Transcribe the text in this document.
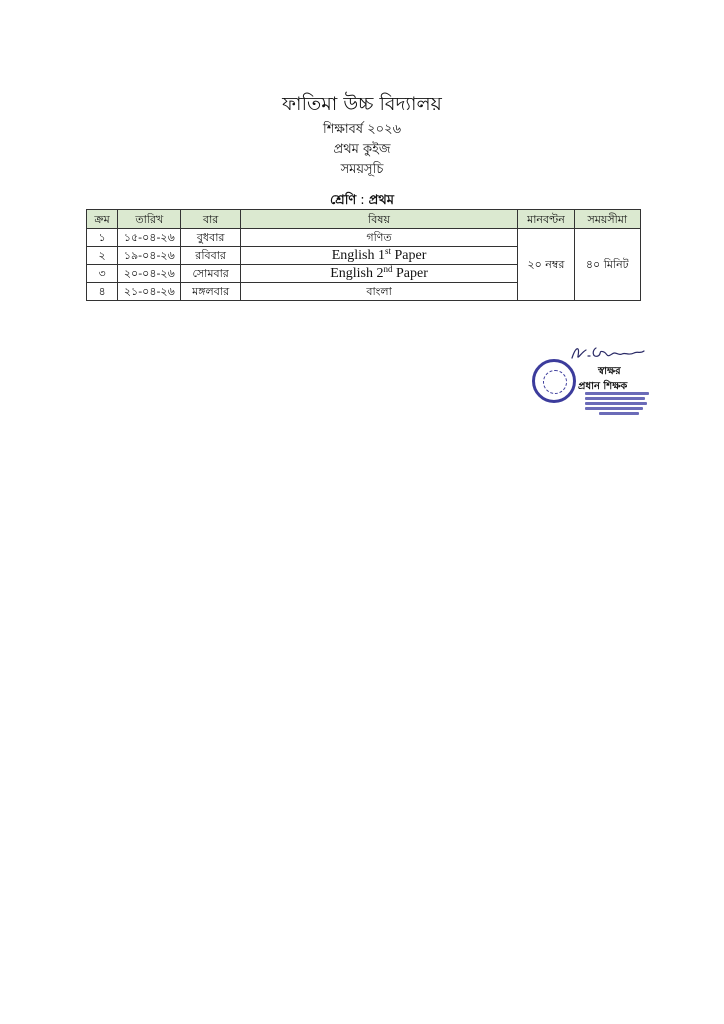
ফাতিমা উচ্চ বিদ্যালয়
শিক্ষাবর্ষ ২০২৬
প্রথম কুইজ
সময়সূচি
শ্রেণি : প্রথম
ক্রম	তারিখ	বার	বিষয়	মানবণ্টন	সময়সীমা
১	১৫-০৪-২৬	বুধবার	গণিত	২০ নম্বর	৪০ মিনিট
২	১৯-০৪-২৬	রবিবার	English 1st Paper		
৩	২০-০৪-২৬	সোমবার	English 2nd Paper		
৪	২১-০৪-২৬	মঙ্গলবার	বাংলা		
স্বাক্ষর
প্রধান শিক্ষক
